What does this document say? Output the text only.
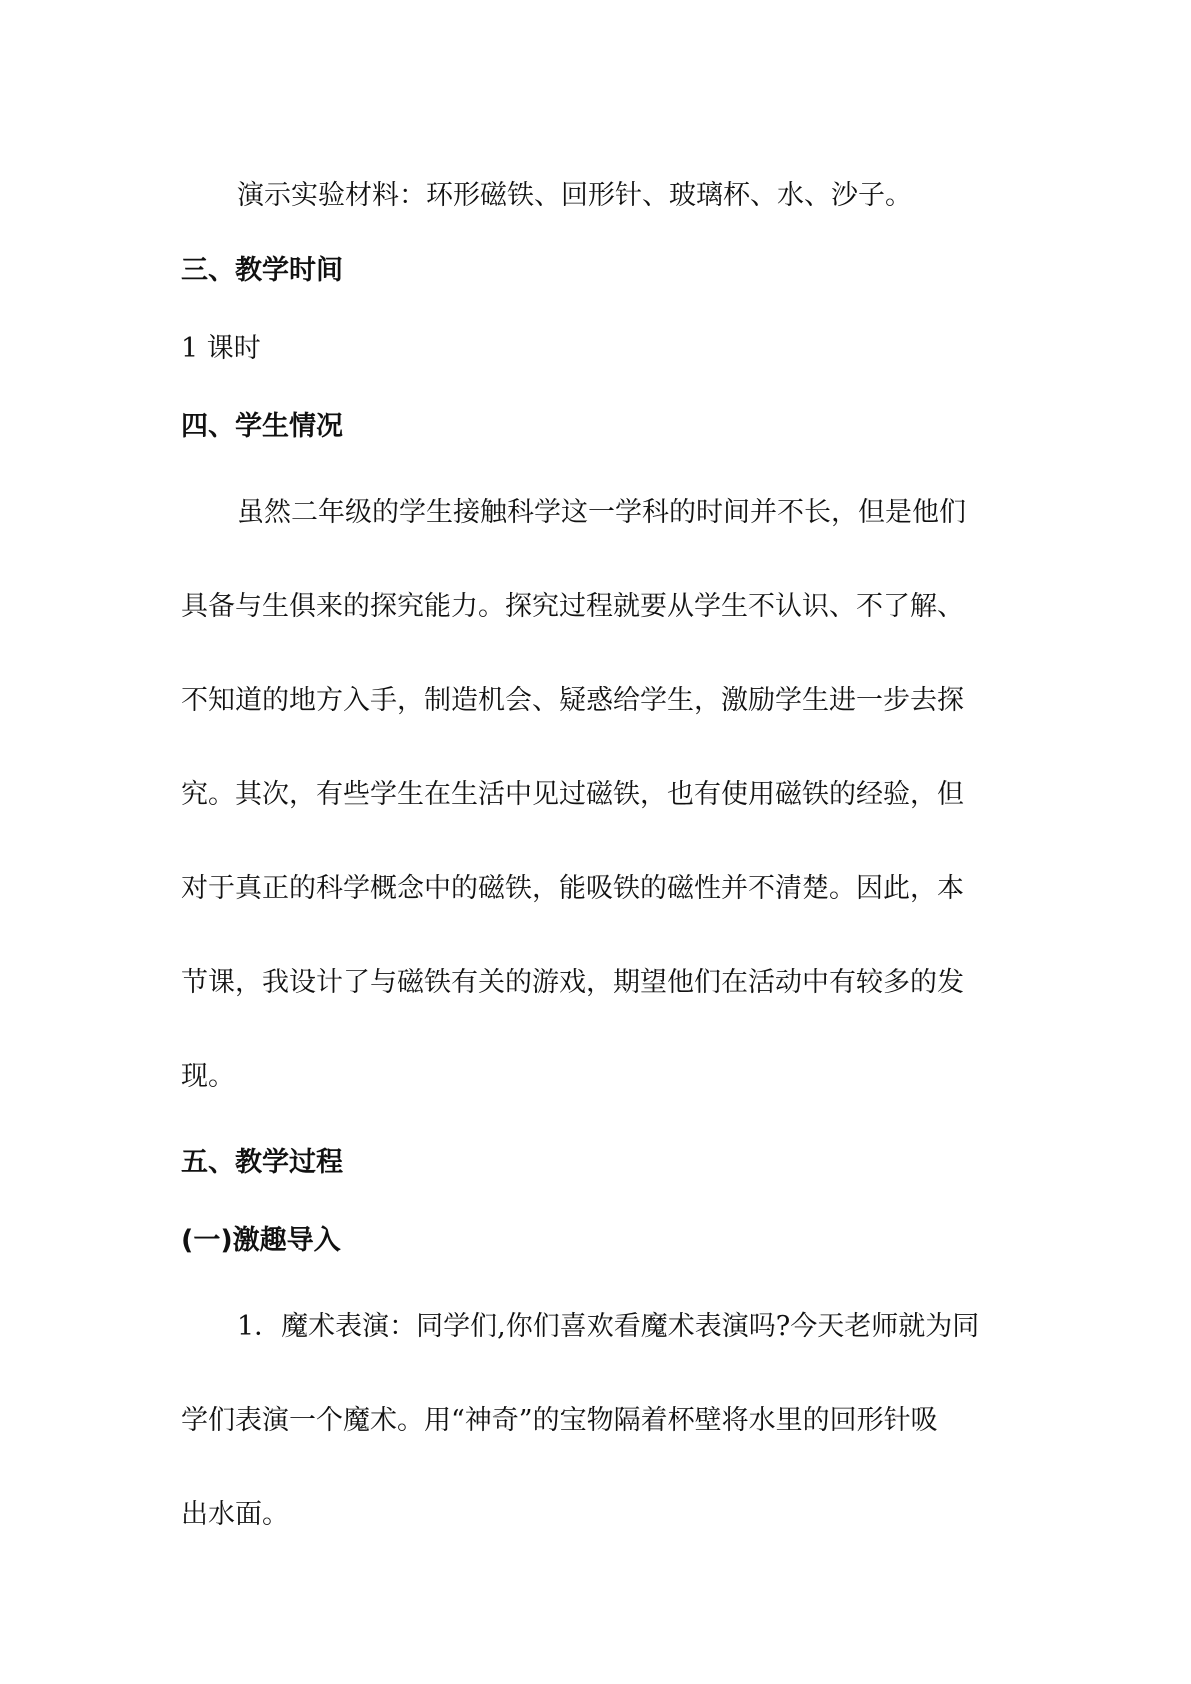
演示实验材料：环形磁铁、回形针、玻璃杯、水、沙子。
三、教学时间
1 课时
四、学生情况
虽然二年级的学生接触科学这一学科的时间并不长，但是他们
具备与生俱来的探究能力。探究过程就要从学生不认识、不了解、
不知道的地方入手，制造机会、疑惑给学生，激励学生进一步去探
究。其次，有些学生在生活中见过磁铁，也有使用磁铁的经验，但
对于真正的科学概念中的磁铁，能吸铁的磁性并不清楚。因此，本
节课，我设计了与磁铁有关的游戏，期望他们在活动中有较多的发
现。
五、教学过程
(一)激趣导入
1．魔术表演：同学们,你们喜欢看魔术表演吗?今天老师就为同
学们表演一个魔术。用“神奇”的宝物隔着杯壁将水里的回形针吸
出水面。
